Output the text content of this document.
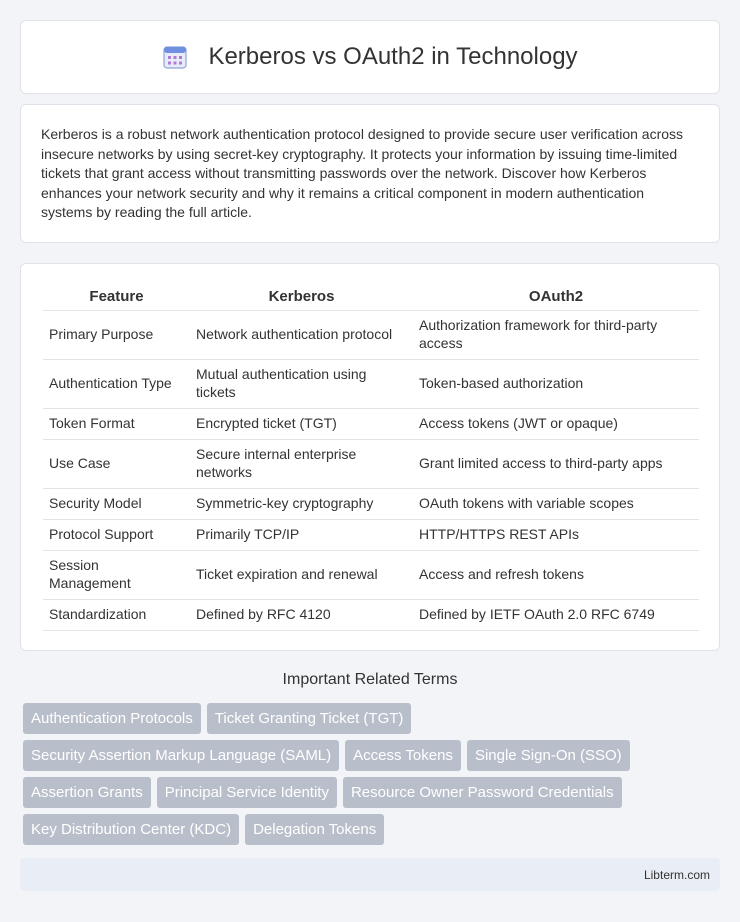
Kerberos vs OAuth2 in Technology

Kerberos is a robust network authentication protocol designed to provide secure user verification across insecure networks by using secret-key cryptography. It protects your information by issuing time-limited tickets that grant access without transmitting passwords over the network. Discover how Kerberos enhances your network security and why it remains a critical component in modern authentication systems by reading the full article.

Feature	Kerberos	OAuth2
Primary Purpose	Network authentication protocol	Authorization framework for third-party access
Authentication Type	Mutual authentication using tickets	Token-based authorization
Token Format	Encrypted ticket (TGT)	Access tokens (JWT or opaque)
Use Case	Secure internal enterprise networks	Grant limited access to third-party apps
Security Model	Symmetric-key cryptography	OAuth tokens with variable scopes
Protocol Support	Primarily TCP/IP	HTTP/HTTPS REST APIs
Session Management	Ticket expiration and renewal	Access and refresh tokens
Standardization	Defined by RFC 4120	Defined by IETF OAuth 2.0 RFC 6749
Important Related Terms
Authentication Protocols	Ticket Granting Ticket (TGT)
Security Assertion Markup Language (SAML)	Access Tokens	Single Sign-On (SSO)
Assertion Grants	Principal Service Identity	Resource Owner Password Credentials
Key Distribution Center (KDC)	Delegation Tokens
Libterm.com
